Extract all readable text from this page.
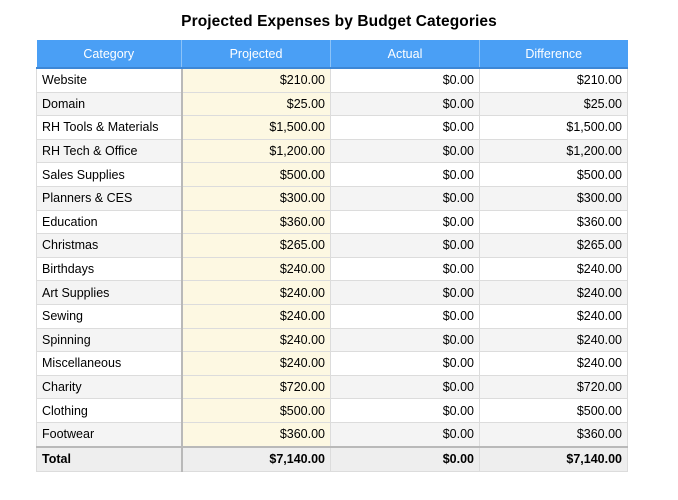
Projected Expenses by Budget Categories
Category	Projected	Actual	Difference
Website	$210.00	$0.00	$210.00
Domain	$25.00	$0.00	$25.00
RH Tools & Materials	$1,500.00	$0.00	$1,500.00
RH Tech & Office	$1,200.00	$0.00	$1,200.00
Sales Supplies	$500.00	$0.00	$500.00
Planners & CES	$300.00	$0.00	$300.00
Education	$360.00	$0.00	$360.00
Christmas	$265.00	$0.00	$265.00
Birthdays	$240.00	$0.00	$240.00
Art Supplies	$240.00	$0.00	$240.00
Sewing	$240.00	$0.00	$240.00
Spinning	$240.00	$0.00	$240.00
Miscellaneous	$240.00	$0.00	$240.00
Charity	$720.00	$0.00	$720.00
Clothing	$500.00	$0.00	$500.00
Footwear	$360.00	$0.00	$360.00
Total	$7,140.00	$0.00	$7,140.00
